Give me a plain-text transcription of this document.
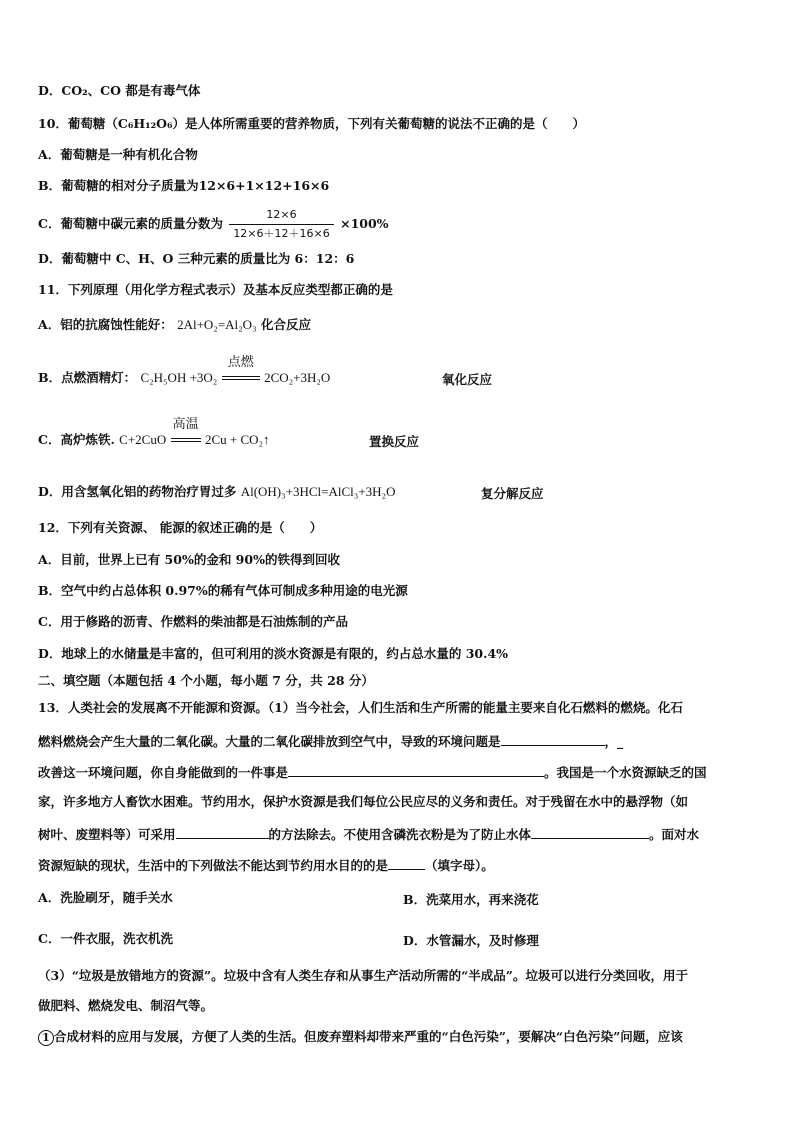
D．CO₂、CO 都是有毒气体
10．葡萄糖（C₆H₁₂O₆）是人体所需重要的营养物质，下列有关葡萄糖的说法不正确的是（　　）
A．葡萄糖是一种有机化合物
B．葡萄糖的相对分子质量为12×6+1×12+16×6
C．葡萄糖中碳元素的质量分数为 $\frac{12\times 6}{12\times 6+12+16\times 6} \times 100\%$
D．葡萄糖中 C、H、O 三种元素的质量比为 6：12：6
11．下列原理（用化学方程式表示）及基本反应类型都正确的是
A．铝的抗腐蚀性能好： 2Al+O₂=Al₂O₃ 化合反应
B．点燃酒精灯： C₂H₅OH +3O₂
点燃
2CO₂+3H₂O	氧化反应
C．高炉炼铁. C+2CuO
高温
2Cu + CO₂↑	置换反应
D．用含氢氧化铝的药物治疗胃过多 Al(OH)₃+3HCl=AlCl₃+3H₂O	复分解反应
12．下列有关资源、 能源的叙述正确的是（　　）
A．目前，世界上已有 50%的金和 90%的铁得到回收
B．空气中约占总体积 0.97%的稀有气体可制成多种用途的电光源
C．用于修路的沥青、作燃料的柴油都是石油炼制的产品
D．地球上的水储量是丰富的，但可利用的淡水资源是有限的，约占总水量的 30.4%
二、填空题（本题包括 4 个小题，每小题 7 分，共 28 分）
13．人类社会的发展离不开能源和资源。（1）当今社会，人们生活和生产所需的能量主要来自化石燃料的燃烧。化石
燃料燃烧会产生大量的二氧化碳。大量的二氧化碳排放到空气中，导致的环境问题是	，_
改善这一环境问题，你自身能做到的一件事是	。我国是一个水资源缺乏的国
家，许多地方人畜饮水困难。节约用水，保护水资源是我们每位公民应尽的义务和责任。对于残留在水中的悬浮物（如
树叶、废塑料等）可采用	的方法除去。不使用含磷洗衣粉是为了防止水体	。面对水
资源短缺的现状，生活中的下列做法不能达到节约用水目的的是	（填字母）。
A．洗脸刷牙，随手关水	B．洗菜用水，再来浇花
C．一件衣服，洗衣机洗	D．水管漏水，及时修理
（3）“垃圾是放错地方的资源”。垃圾中含有人类生存和从事生产活动所需的“半成品”。垃圾可以进行分类回收，用于
做肥料、燃烧发电、制沼气等。
1 合成材料的应用与发展，方便了人类的生活。但废弃塑料却带来严重的“白色污染”，要解决“白色污染”问题，应该
